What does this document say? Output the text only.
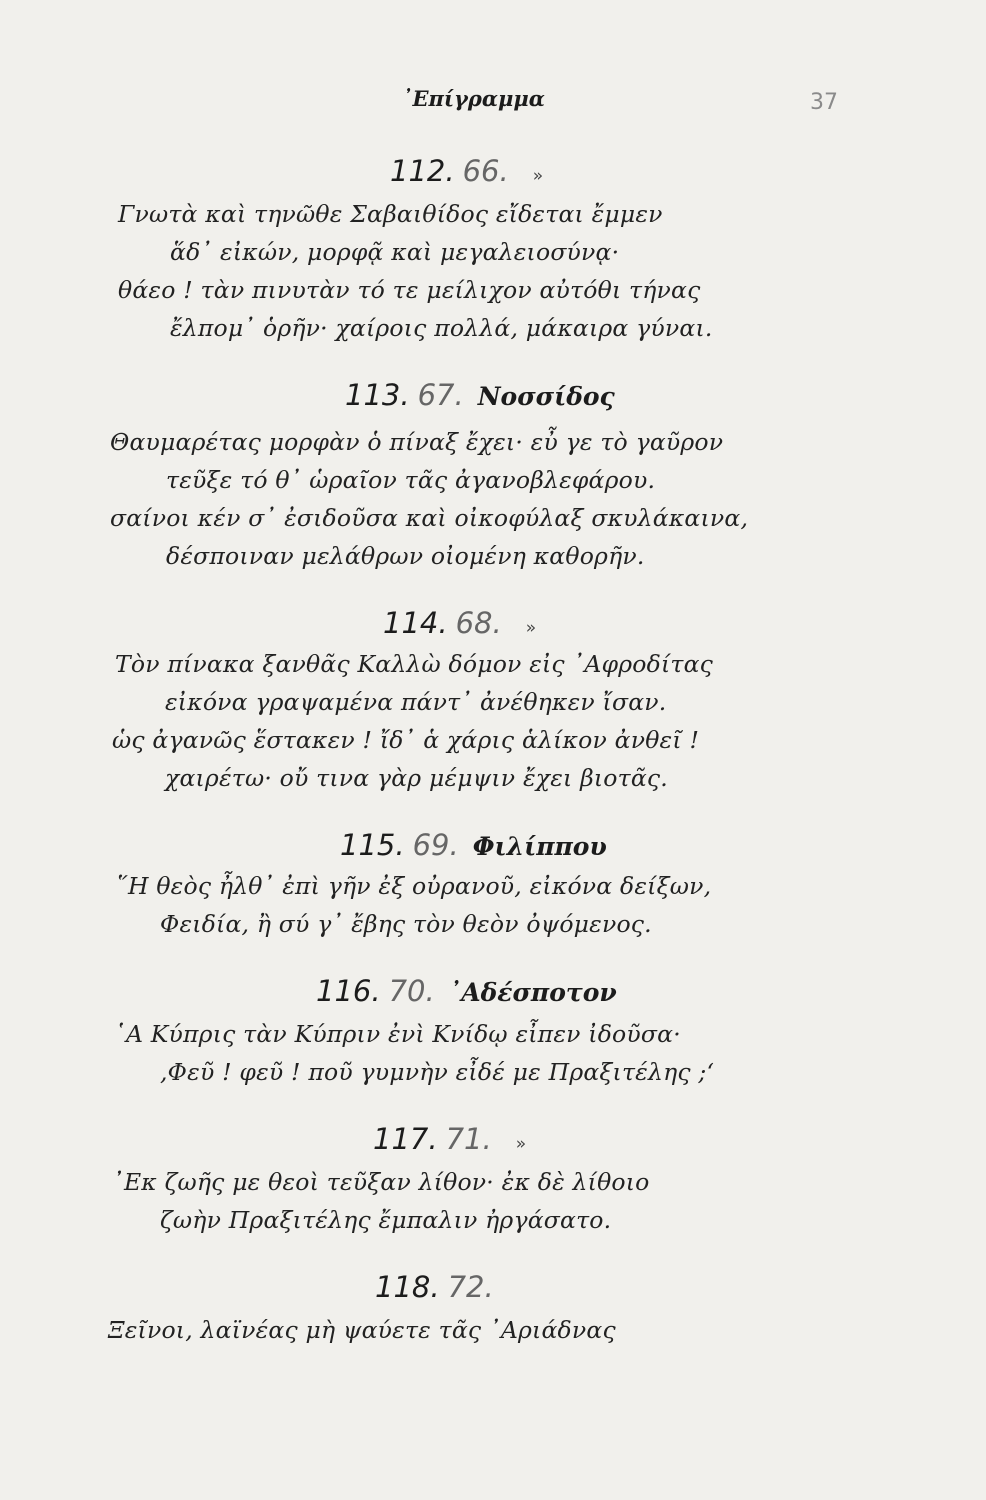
᾿Επίγραμμα	37
112. 66. »
Γνωτὰ καὶ τηνῶθε Σαβαιθίδος εἴδεται ἔμμεν
ἅδ᾿ εἰκών, μορφᾷ καὶ μεγαλειοσύνᾳ·
θάεο ! τὰν πινυτὰν τό τε μείλιχον αὐτόθι τήνας
ἔλπομ᾿ ὁρῆν· χαίροις πολλά, μάκαιρα γύναι.
113. 67. Νοσσίδος
Θαυμαρέτας μορφὰν ὁ πίναξ ἔχει· εὖ γε τὸ γαῦρον
τεῦξε τό θ᾿ ὡραῖον τᾶς ἀγανοβλεφάρου.
σαίνοι κέν σ᾿ ἐσιδοῦσα καὶ οἰκοφύλαξ σκυλάκαινα,
δέσποιναν μελάθρων οἰομένη καθορῆν.
114. 68. »
Τὸν πίνακα ξανθᾶς Καλλὼ δόμον εἰς ᾿Αφροδίτας
εἰκόνα γραψαμένα πάντ᾿ ἀνέθηκεν ἴσαν.
ὡς ἀγανῶς ἕστακεν ! ἴδ᾿ ἁ χάρις ἁλίκον ἀνθεῖ !
χαιρέτω· οὔ τινα γὰρ μέμψιν ἔχει βιοτᾶς.
115. 69. Φιλίππου
῞Η θεὸς ἦλθ᾿ ἐπὶ γῆν ἐξ οὐρανοῦ, εἰκόνα δείξων,
Φειδία, ἢ σύ γ᾿ ἔβης τὸν θεὸν ὀψόμενος.
116. 70. ᾿Αδέσποτον
῾Α Κύπρις τὰν Κύπριν ἐνὶ Κνίδῳ εἶπεν ἰδοῦσα·
,Φεῦ ! φεῦ ! ποῦ γυμνὴν εἶδέ με Πραξιτέλης ;‘
117. 71. »
᾿Εκ ζωῆς με θεοὶ τεῦξαν λίθον· ἐκ δὲ λίθοιο
ζωὴν Πραξιτέλης ἔμπαλιν ἠργάσατο.
118. 72.
Ξεῖνοι, λαϊνέας μὴ ψαύετε τᾶς ᾿Αριάδνας
